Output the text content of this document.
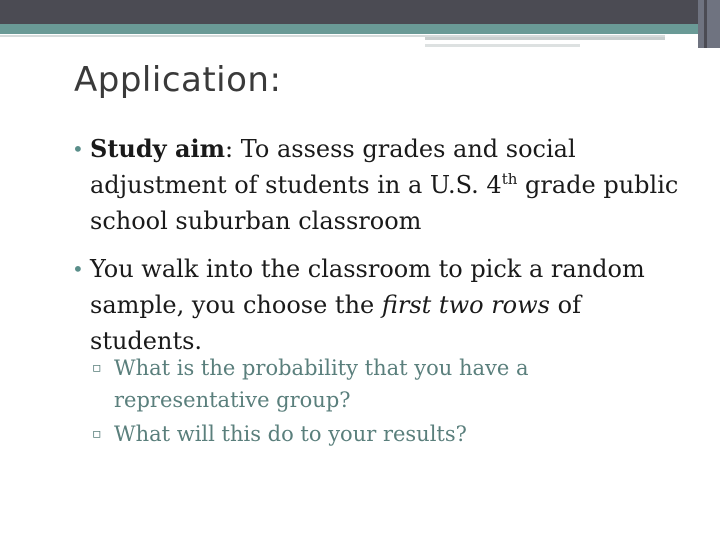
Application:
• Study aim: To assess grades and social adjustment of students in a U.S. 4th grade public school suburban classroom
• You walk into the classroom to pick a random sample, you choose the first two rows of students.
▫ What is the probability that you have a representative group?
▫ What will this do to your results?
